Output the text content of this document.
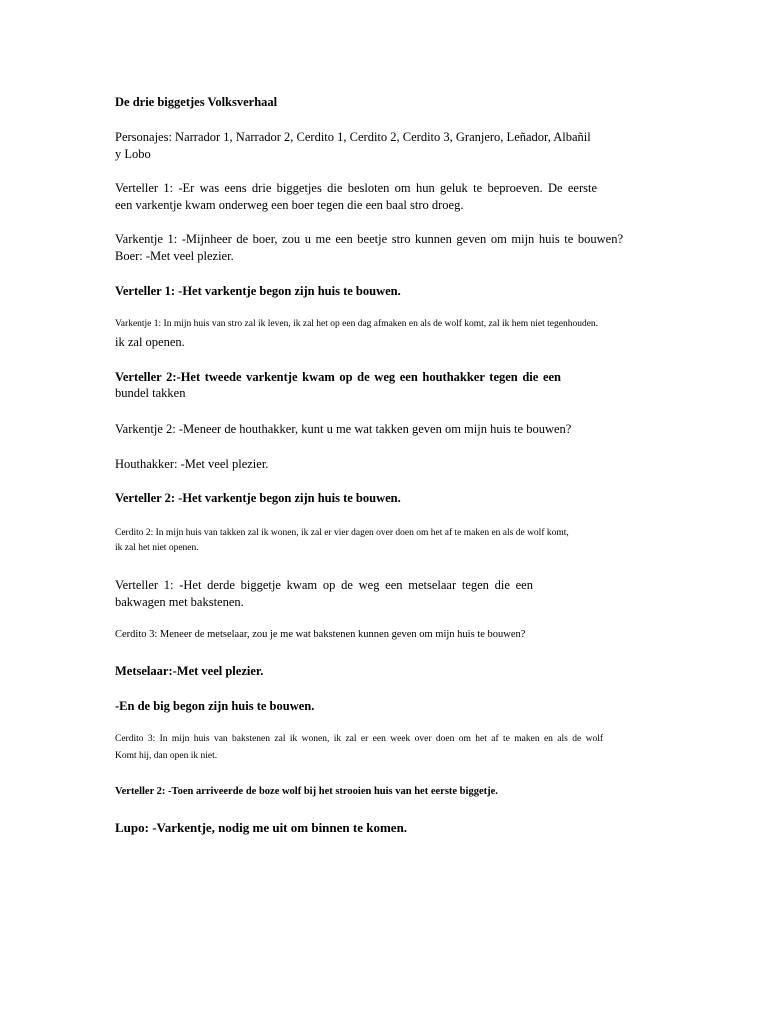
De drie biggetjes Volksverhaal
Personajes: Narrador 1, Narrador 2, Cerdito 1, Cerdito 2, Cerdito 3, Granjero, Leñador, Albañil
y Lobo
Verteller 1: -Er was eens drie biggetjes die besloten om hun geluk te beproeven. De eerste
een varkentje kwam onderweg een boer tegen die een baal stro droeg.
Varkentje 1: -Mijnheer de boer, zou u me een beetje stro kunnen geven om mijn huis te bouwen?
Boer: -Met veel plezier.
Verteller 1: -Het varkentje begon zijn huis te bouwen.
Varkentje 1: In mijn huis van stro zal ik leven, ik zal het op een dag afmaken en als de wolf komt, zal ik hem niet tegenhouden.
ik zal openen.
Verteller 2:-Het tweede varkentje kwam op de weg een houthakker tegen die een
bundel takken
Varkentje 2: -Meneer de houthakker, kunt u me wat takken geven om mijn huis te bouwen?
Houthakker: -Met veel plezier.
Verteller 2: -Het varkentje begon zijn huis te bouwen.
Cerdito 2: In mijn huis van takken zal ik wonen, ik zal er vier dagen over doen om het af te maken en als de wolf komt,
ik zal het niet openen.
Verteller 1: -Het derde biggetje kwam op de weg een metselaar tegen die een
bakwagen met bakstenen.
Cerdito 3: Meneer de metselaar, zou je me wat bakstenen kunnen geven om mijn huis te bouwen?
Metselaar:-Met veel plezier.
-En de big begon zijn huis te bouwen.
Cerdito 3: In mijn huis van bakstenen zal ik wonen, ik zal er een week over doen om het af te maken en als de wolf
Komt hij, dan open ik niet.
Verteller 2: -Toen arriveerde de boze wolf bij het strooien huis van het eerste biggetje.
Lupo: -Varkentje, nodig me uit om binnen te komen.
